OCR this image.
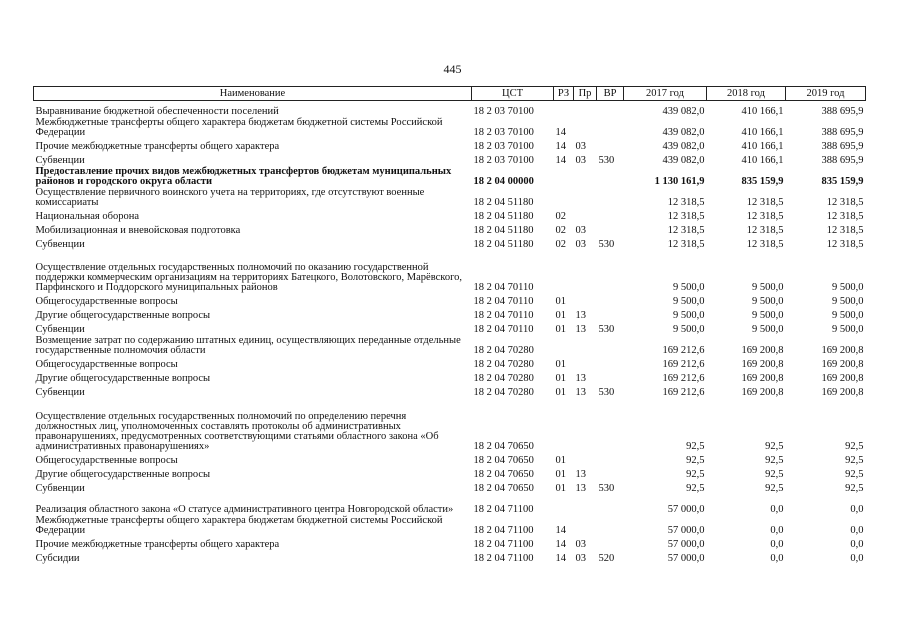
445
Наименование	ЦСТ	РЗ	Пр	ВР	2017 год	2018 год	2019 год
Выравнивание бюджетной обеспеченности поселений	18 2 03 70100				439 082,0	410 166,1	388 695,9
Межбюджетные трансферты общего характера бюджетам бюджетной системы Российской Федерации	18 2 03 70100	14			439 082,0	410 166,1	388 695,9
Прочие межбюджетные трансферты общего характера	18 2 03 70100	14	03		439 082,0	410 166,1	388 695,9
Субвенции	18 2 03 70100	14	03	530	439 082,0	410 166,1	388 695,9
Предоставление прочих видов межбюджетных трансфертов бюджетам муниципальных районов и городского округа области	18 2 04 00000				1 130 161,9	835 159,9	835 159,9
Осуществление первичного воинского учета на территориях, где отсутствуют военные комиссариаты	18 2 04 51180				12 318,5	12 318,5	12 318,5
Национальная оборона	18 2 04 51180	02			12 318,5	12 318,5	12 318,5
Мобилизационная и вневойсковая подготовка	18 2 04 51180	02	03		12 318,5	12 318,5	12 318,5
Субвенции	18 2 04 51180	02	03	530	12 318,5	12 318,5	12 318,5
Осуществление отдельных государственных полномочий по оказанию государственной поддержки коммерческим организациям на территориях Батецкого, Волотовского, Марёвского, Парфинского и Поддорского муниципальных районов	18 2 04 70110				9 500,0	9 500,0	9 500,0
Общегосударственные вопросы	18 2 04 70110	01			9 500,0	9 500,0	9 500,0
Другие общегосударственные вопросы	18 2 04 70110	01	13		9 500,0	9 500,0	9 500,0
Субвенции	18 2 04 70110	01	13	530	9 500,0	9 500,0	9 500,0
Возмещение затрат по содержанию штатных единиц, осуществляющих переданные отдельные государственные полномочия области	18 2 04 70280				169 212,6	169 200,8	169 200,8
Общегосударственные вопросы	18 2 04 70280	01			169 212,6	169 200,8	169 200,8
Другие общегосударственные вопросы	18 2 04 70280	01	13		169 212,6	169 200,8	169 200,8
Субвенции	18 2 04 70280	01	13	530	169 212,6	169 200,8	169 200,8
Осуществление отдельных государственных полномочий по определению перечня должностных лиц, уполномоченных составлять протоколы об административных правонарушениях, предусмотренных соответствующими статьями областного закона «Об административных правонарушениях»	18 2 04 70650				92,5	92,5	92,5
Общегосударственные вопросы	18 2 04 70650	01			92,5	92,5	92,5
Другие общегосударственные вопросы	18 2 04 70650	01	13		92,5	92,5	92,5
Субвенции	18 2 04 70650	01	13	530	92,5	92,5	92,5
Реализация областного закона «О статусе административного центра Новгородской области»	18 2 04 71100				57 000,0	0,0	0,0
Межбюджетные трансферты общего характера бюджетам бюджетной системы Российской Федерации	18 2 04 71100	14			57 000,0	0,0	0,0
Прочие межбюджетные трансферты общего характера	18 2 04 71100	14	03		57 000,0	0,0	0,0
Субсидии	18 2 04 71100	14	03	520	57 000,0	0,0	0,0
